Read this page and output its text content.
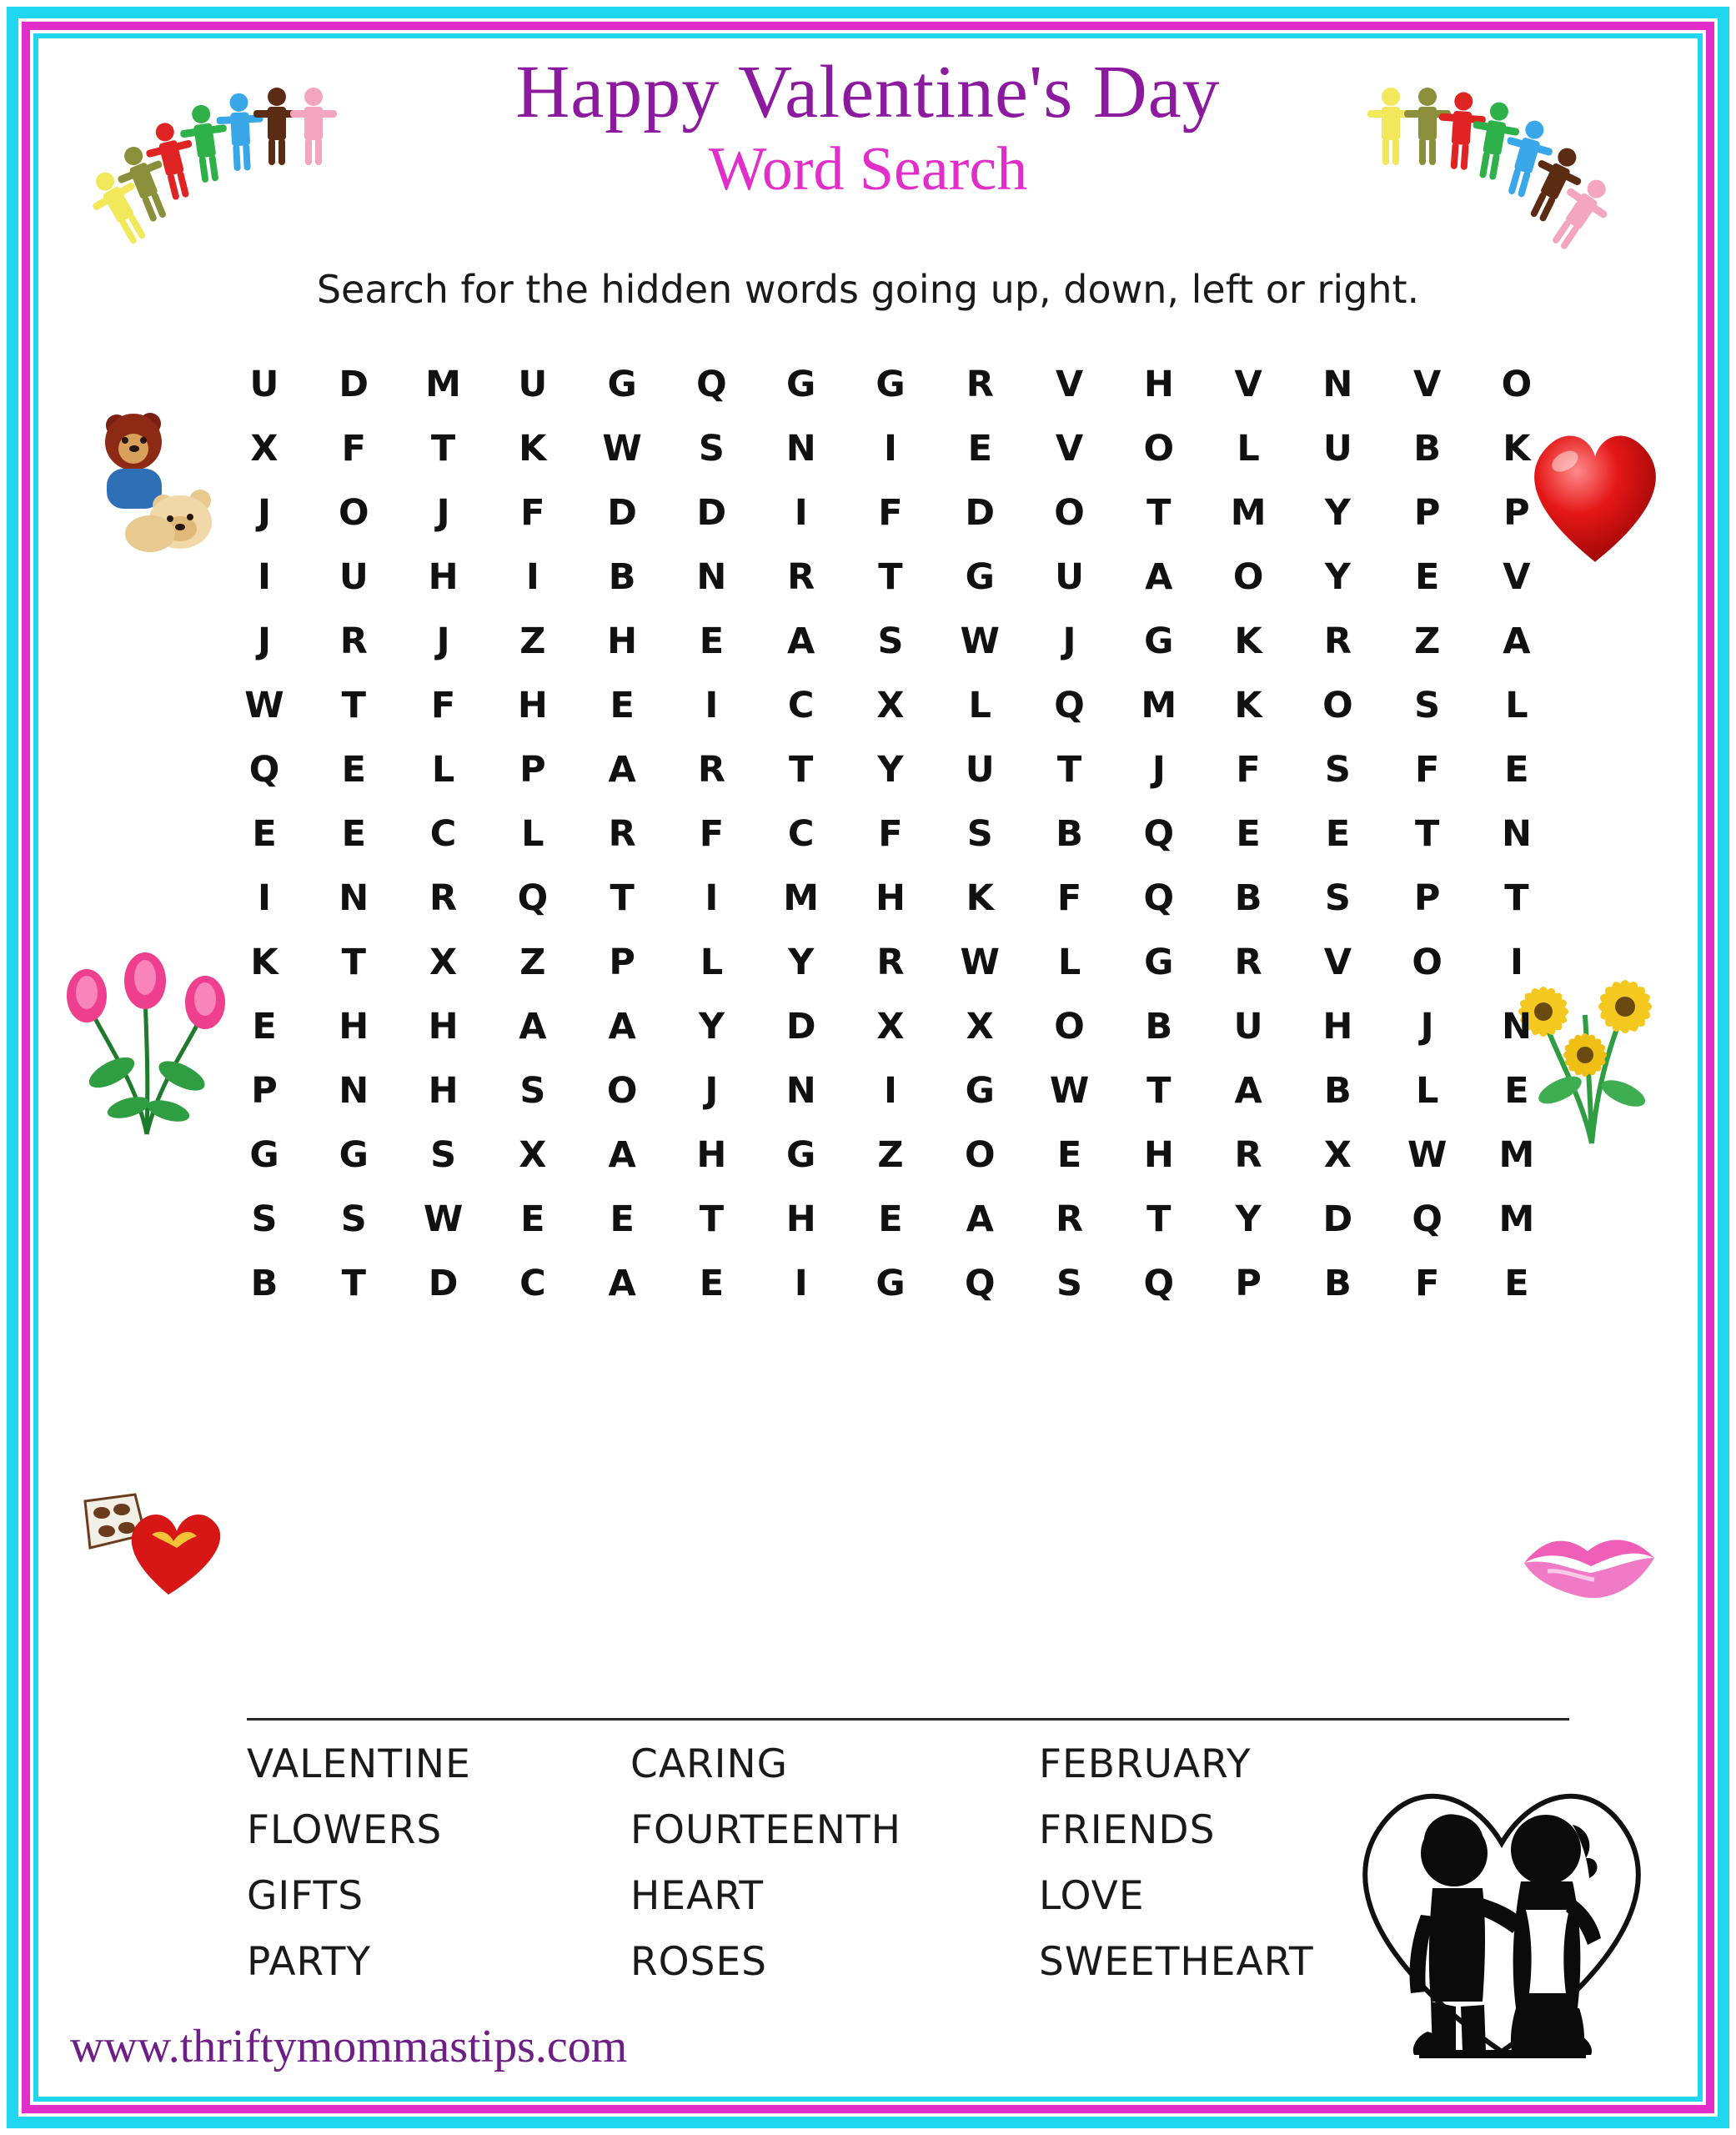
Happy Valentine's Day
Word Search
Search for the hidden words going up, down, left or right.
U	D	M	U	G	Q	G	G	R	V	H	V	N	V	O
X	F	T	K	W	S	N	I	E	V	O	L	U	B	K
J	O	J	F	D	D	I	F	D	O	T	M	Y	P	P
I	U	H	I	B	N	R	T	G	U	A	O	Y	E	V
J	R	J	Z	H	E	A	S	W	J	G	K	R	Z	A
W	T	F	H	E	I	C	X	L	Q	M	K	O	S	L
Q	E	L	P	A	R	T	Y	U	T	J	F	S	F	E
E	E	C	L	R	F	C	F	S	B	Q	E	E	T	N
I	N	R	Q	T	I	M	H	K	F	Q	B	S	P	T
K	T	X	Z	P	L	Y	R	W	L	G	R	V	O	I
E	H	H	A	A	Y	D	X	X	O	B	U	H	J	N
P	N	H	S	O	J	N	I	G	W	T	A	B	L	E
G	G	S	X	A	H	G	Z	O	E	H	R	X	W	M
S	S	W	E	E	T	H	E	A	R	T	Y	D	Q	M
B	T	D	C	A	E	I	G	Q	S	Q	P	B	F	E
VALENTINE	CARING	FEBRUARY
FLOWERS	FOURTEENTH	FRIENDS
GIFTS	HEART	LOVE
PARTY	ROSES	SWEETHEART
www.thriftymommastips.com
